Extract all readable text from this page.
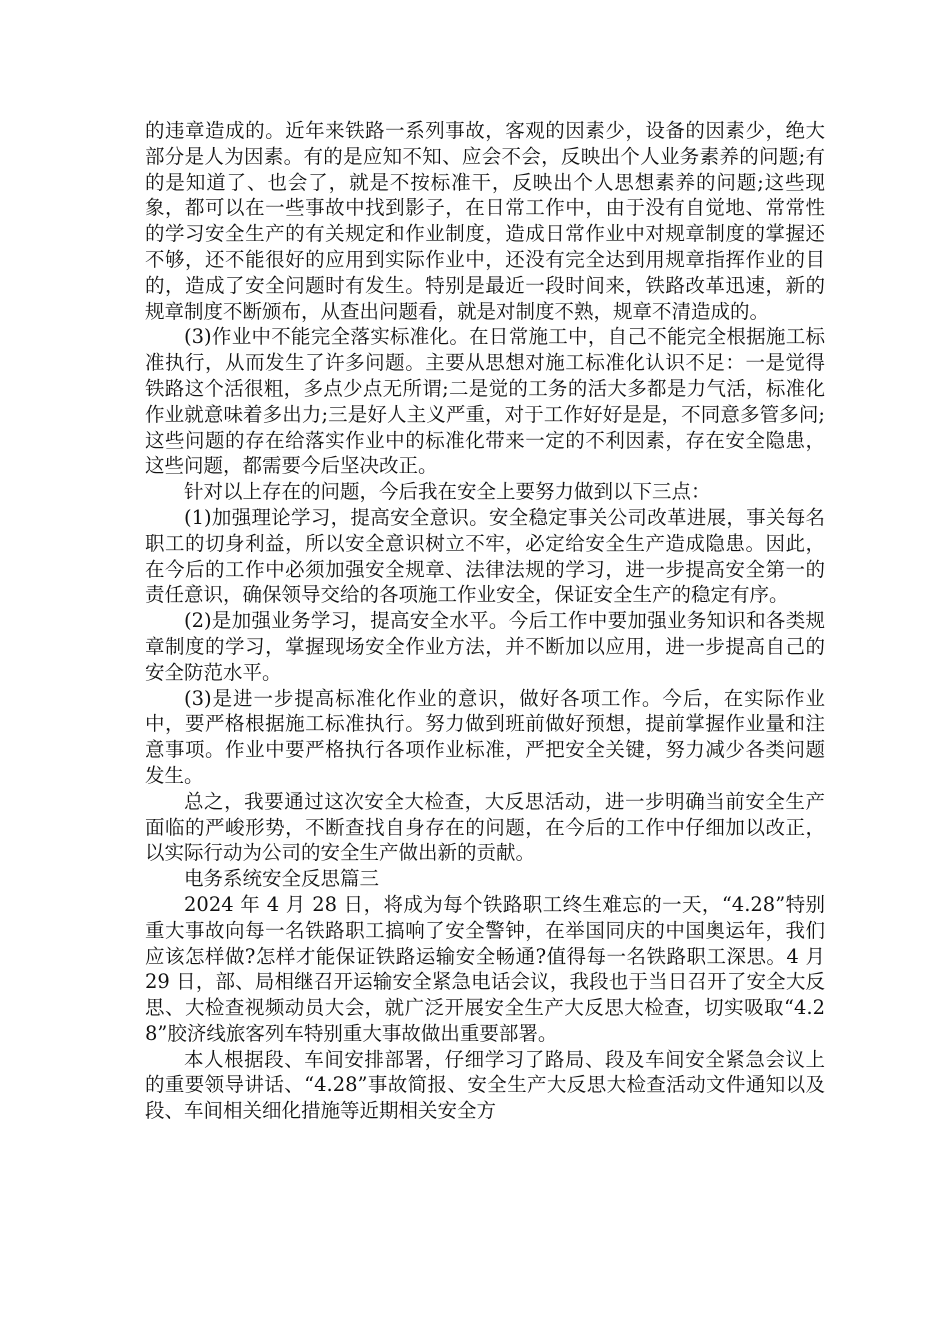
的违章造成的。近年来铁路一系列事故，客观的因素少，设备的因素少，绝大部分是人为因素。有的是应知不知、应会不会，反映出个人业务素养的问题;有的是知道了、也会了，就是不按标准干，反映出个人思想素养的问题;这些现象，都可以在一些事故中找到影子，在日常工作中，由于没有自觉地、常常性的学习安全生产的有关规定和作业制度，造成日常作业中对规章制度的掌握还不够，还不能很好的应用到实际作业中，还没有完全达到用规章指挥作业的目的，造成了安全问题时有发生。特别是最近一段时间来，铁路改革迅速，新的规章制度不断颁布，从查出问题看，就是对制度不熟，规章不清造成的。

(3)作业中不能完全落实标准化。在日常施工中，自己不能完全根据施工标准执行，从而发生了许多问题。主要从思想对施工标准化认识不足：一是觉得铁路这个活很粗，多点少点无所谓;二是觉的工务的活大多都是力气活，标准化作业就意味着多出力;三是好人主义严重，对于工作好好是是，不同意多管多问;这些问题的存在给落实作业中的标准化带来一定的不利因素，存在安全隐患，这些问题，都需要今后坚决改正。

针对以上存在的问题，今后我在安全上要努力做到以下三点：

(1)加强理论学习，提高安全意识。安全稳定事关公司改革进展，事关每名职工的切身利益，所以安全意识树立不牢，必定给安全生产造成隐患。因此，在今后的工作中必须加强安全规章、法律法规的学习，进一步提高安全第一的责任意识，确保领导交给的各项施工作业安全，保证安全生产的稳定有序。

(2)是加强业务学习，提高安全水平。今后工作中要加强业务知识和各类规章制度的学习，掌握现场安全作业方法，并不断加以应用，进一步提高自己的安全防范水平。

(3)是进一步提高标准化作业的意识，做好各项工作。今后，在实际作业中，要严格根据施工标准执行。努力做到班前做好预想，提前掌握作业量和注意事项。作业中要严格执行各项作业标准，严把安全关键，努力减少各类问题发生。

总之，我要通过这次安全大检查，大反思活动，进一步明确当前安全生产面临的严峻形势，不断查找自身存在的问题，在今后的工作中仔细加以改正，以实际行动为公司的安全生产做出新的贡献。

电务系统安全反思篇三

2024 年 4 月 28 日，将成为每个铁路职工终生难忘的一天，“4.28”特别重大事故向每一名铁路职工搞响了安全警钟，在举国同庆的中国奥运年，我们应该怎样做?怎样才能保证铁路运输安全畅通?值得每一名铁路职工深思。4 月 29 日，部、局相继召开运输安全紧急电话会议，我段也于当日召开了安全大反思、大检查视频动员大会，就广泛开展安全生产大反思大检查，切实吸取“4.28”胶济线旅客列车特别重大事故做出重要部署。

本人根据段、车间安排部署，仔细学习了路局、段及车间安全紧急会议上的重要领导讲话、“4.28”事故简报、安全生产大反思大检查活动文件通知以及段、车间相关细化措施等近期相关安全方
